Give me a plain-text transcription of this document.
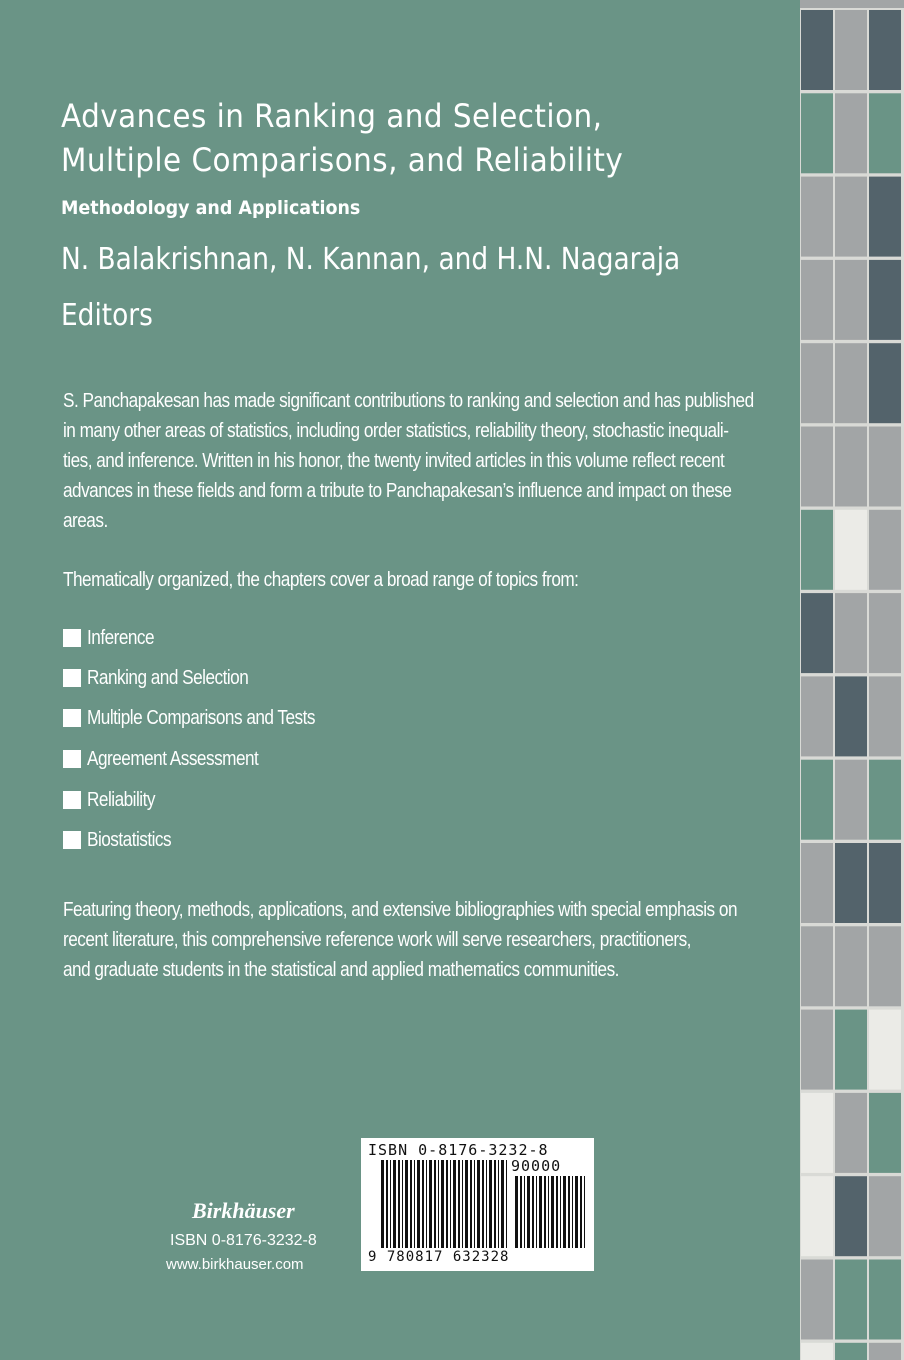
Advances in Ranking and Selection,
Multiple Comparisons, and Reliability
Methodology and Applications
N. Balakrishnan, N. Kannan, and H.N. Nagaraja
Editors
S. Panchapakesan has made significant contributions to ranking and selection and has published
in many other areas of statistics, including order statistics, reliability theory, stochastic inequali-
ties, and inference. Written in his honor, the twenty invited articles in this volume reflect recent
advances in these fields and form a tribute to Panchapakesan’s influence and impact on these
areas.
Thematically organized, the chapters cover a broad range of topics from:
Inference
Ranking and Selection
Multiple Comparisons and Tests
Agreement Assessment
Reliability
Biostatistics
Featuring theory, methods, applications, and extensive bibliographies with special emphasis on
recent literature, this comprehensive reference work will serve researchers, practitioners,
and graduate students in the statistical and applied mathematics communities.
Birkhäuser
ISBN 0-8176-3232-8
www.birkhauser.com
ISBN 0-8176-3232-8
90000
9 780817 632328
